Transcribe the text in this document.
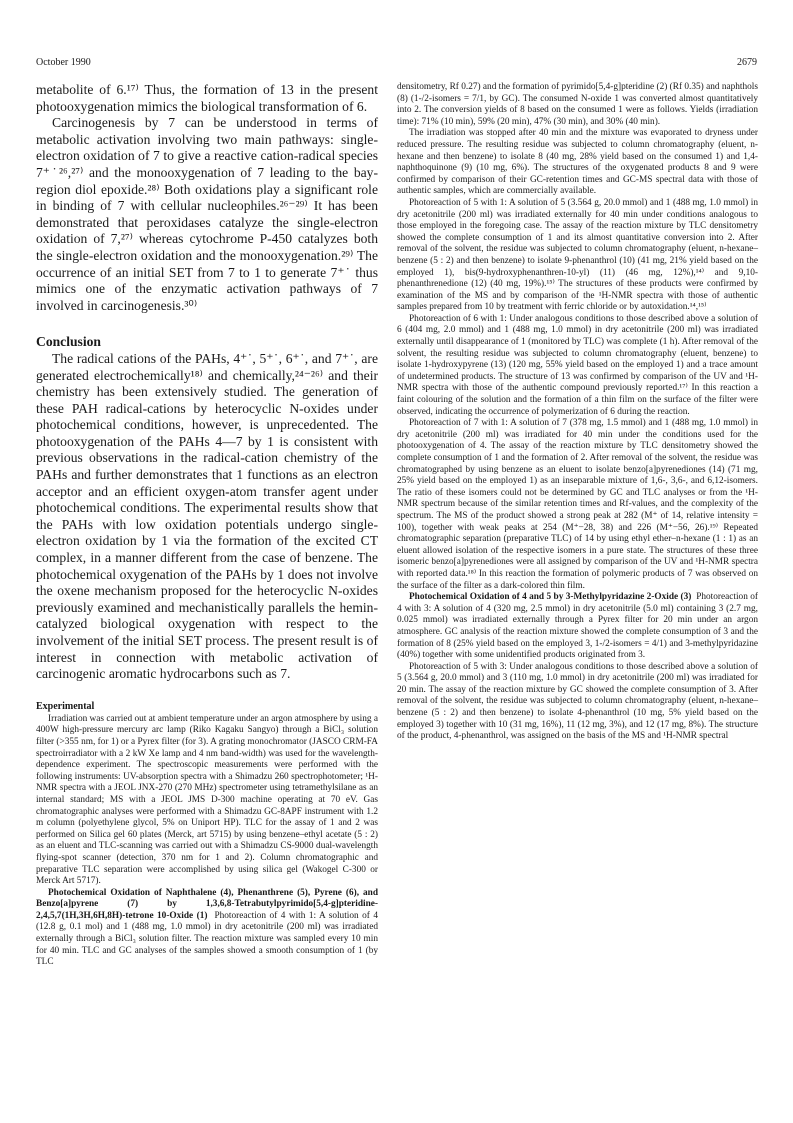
October 1990	2679

metabolite of 6.¹⁷⁾ Thus, the formation of 13 in the present photooxygenation mimics the biological transformation of 6.

Carcinogenesis by 7 can be understood in terms of metabolic activation involving two main pathways: single-electron oxidation of 7 to give a reactive cation-radical species 7⁺˙²⁶,²⁷⁾ and the monooxygenation of 7 leading to the bay-region diol epoxide.²⁸⁾ Both oxidations play a significant role in binding of 7 with cellular nucleophiles.²⁶⁻²⁹⁾ It has been demonstrated that peroxidases catalyze the single-electron oxidation of 7,²⁷⁾ whereas cytochrome P-450 catalyzes both the single-electron oxidation and the monooxygenation.²⁹⁾ The occurrence of an initial SET from 7 to 1 to generate 7⁺˙ thus mimics one of the enzymatic activation pathways of 7 involved in carcinogenesis.³⁰⁾

Conclusion

The radical cations of the PAHs, 4⁺˙, 5⁺˙, 6⁺˙, and 7⁺˙, are generated electrochemically¹⁸⁾ and chemically,²⁴⁻²⁶⁾ and their chemistry has been extensively studied. The generation of these PAH radical-cations by heterocyclic N-oxides under photochemical conditions, however, is unprecedented. The photooxygenation of the PAHs 4—7 by 1 is consistent with previous observations in the radical-cation chemistry of the PAHs and further demonstrates that 1 functions as an electron acceptor and an efficient oxygen-atom transfer agent under photochemical conditions. The experimental results show that the PAHs with low oxidation potentials undergo single-electron oxidation by 1 via the formation of the excited CT complex, in a manner different from the case of benzene. The photochemical oxygenation of the PAHs by 1 does not involve the oxene mechanism proposed for the heterocyclic N-oxides previously examined and mechanistically parallels the hemin-catalyzed biological oxygenation with respect to the involvement of the initial SET process. The present result is of interest in connection with metabolic activation of carcinogenic aromatic hydrocarbons such as 7.

Experimental

Irradiation was carried out at ambient temperature under an argon atmosphere by using a 400W high-pressure mercury arc lamp (Riko Kagaku Sangyo) through a BiCl₃ solution filter (>355 nm, for 1) or a Pyrex filter (for 3). A grating monochromator (JASCO CRM-FA spectroirradiator with a 2 kW Xe lamp and 4 nm band-width) was used for the wavelength-dependence experiment. The spectroscopic measurements were performed with the following instruments: UV-absorption spectra with a Shimadzu 260 spectrophotometer; ¹H-NMR spectra with a JEOL JNX-270 (270 MHz) spectrometer using tetramethylsilane as an internal standard; MS with a JEOL JMS D-300 machine operating at 70 eV. Gas chromatographic analyses were performed with a Shimadzu GC-8APF instrument with 1.2 m column (polyethylene glycol, 5% on Uniport HP). TLC for the assay of 1 and 2 was performed on Silica gel 60 plates (Merck, art 5715) by using benzene–ethyl acetate (5 : 2) as an eluent and TLC-scanning was carried out with a Shimadzu CS-9000 dual-wavelength flying-spot scanner (detection, 370 nm for 1 and 2). Column chromatographic and preparative TLC separation were accomplished by using silica gel (Wakogel C-300 or Merck Art 5717).

Photochemical Oxidation of Naphthalene (4), Phenanthrene (5), Pyrene (6), and Benzo[a]pyrene (7) by 1,3,6,8-Tetrabutylpyrimido[5,4-g]pteridine-2,4,5,7(1H,3H,6H,8H)-tetrone 10-Oxide (1) Photoreaction of 4 with 1: A solution of 4 (12.8 g, 0.1 mol) and 1 (488 mg, 1.0 mmol) in dry acetonitrile (200 ml) was irradiated externally through a BiCl₃ solution filter. The reaction mixture was sampled every 10 min for 40 min. TLC and GC analyses of the samples showed a smooth consumption of 1 (by TLC

densitometry, Rf 0.27) and the formation of pyrimido[5,4-g]pteridine (2) (Rf 0.35) and naphthols (8) (1-/2-isomers = 7/1, by GC). The consumed N-oxide 1 was converted almost quantitatively into 2. The conversion yields of 8 based on the consumed 1 were as follows. Yields (irradiation time): 71% (10 min), 59% (20 min), 47% (30 min), and 30% (40 min).

The irradiation was stopped after 40 min and the mixture was evaporated to dryness under reduced pressure. The resulting residue was subjected to column chromatography (eluent, n-hexane and then benzene) to isolate 8 (40 mg, 28% yield based on the consumed 1) and 1,4-naphthoquinone (9) (10 mg, 6%). The structures of the oxygenated products 8 and 9 were confirmed by comparison of their GC-retention times and GC-MS spectral data with those of authentic samples, which are commercially available.

Photoreaction of 5 with 1: A solution of 5 (3.564 g, 20.0 mmol) and 1 (488 mg, 1.0 mmol) in dry acetonitrile (200 ml) was irradiated externally for 40 min under conditions analogous to those employed in the foregoing case. The assay of the reaction mixture by TLC densitometry showed the complete consumption of 1 and its almost quantitative conversion into 2. After removal of the solvent, the residue was subjected to column chromatography (eluent, n-hexane–benzene (5 : 2) and then benzene) to isolate 9-phenanthrol (10) (41 mg, 21% yield based on the employed 1), bis(9-hydroxyphenanthren-10-yl) (11) (46 mg, 12%),¹⁴⁾ and 9,10-phenanthrenedione (12) (40 mg, 19%).¹⁵⁾ The structures of these products were confirmed by examination of the MS and by comparison of the ¹H-NMR spectra with those of authentic samples prepared from 10 by treatment with ferric chloride or by autoxidation.¹⁴,¹⁵⁾

Photoreaction of 6 with 1: Under analogous conditions to those described above a solution of 6 (404 mg, 2.0 mmol) and 1 (488 mg, 1.0 mmol) in dry acetonitrile (200 ml) was irradiated externally until disappearance of 1 (monitored by TLC) was complete (1 h). After removal of the solvent, the resulting residue was subjected to column chromatography (eluent, benzene) to isolate 1-hydroxypyrene (13) (120 mg, 55% yield based on the employed 1) and a trace amount of undetermined products. The structure of 13 was confirmed by comparison of the UV and ¹H-NMR spectra with those of the authentic compound previously reported.¹⁷⁾ In this reaction a faint colouring of the solution and the formation of a thin film on the surface of the filter were observed, indicating the occurrence of polymerization of 6 during the reaction.

Photoreaction of 7 with 1: A solution of 7 (378 mg, 1.5 mmol) and 1 (488 mg, 1.0 mmol) in dry acetonitrile (200 ml) was irradiated for 40 min under the conditions used for the photooxygenation of 4. The assay of the reaction mixture by TLC densitometry showed the complete consumption of 1 and the formation of 2. After removal of the solvent, the residue was chromatographed by using benzene as an eluent to isolate benzo[a]pyrenediones (14) (71 mg, 25% yield based on the employed 1) as an inseparable mixture of 1,6-, 3,6-, and 6,12-isomers. The ratio of these isomers could not be determined by GC and TLC analyses or from the ¹H-NMR spectrum because of the similar retention times and Rf-values, and the complexity of the spectrum. The MS of the product showed a strong peak at 282 (M⁺ of 14, relative intensity = 100), together with weak peaks at 254 (M⁺−28, 38) and 226 (M⁺−56, 26).¹⁹⁾ Repeated chromatographic separation (preparative TLC) of 14 by using ethyl ether–n-hexane (1 : 1) as an eluent allowed isolation of the respective isomers in a pure state. The structures of these three isomeric benzo[a]pyrenediones were all assigned by comparison of the UV and ¹H-NMR spectra with reported data.¹⁸⁾ In this reaction the formation of polymeric products of 7 was observed on the surface of the filter as a dark-colored thin film.

Photochemical Oxidation of 4 and 5 by 3-Methylpyridazine 2-Oxide (3) Photoreaction of 4 with 3: A solution of 4 (320 mg, 2.5 mmol) in dry acetonitrile (5.0 ml) containing 3 (2.7 mg, 0.025 mmol) was irradiated externally through a Pyrex filter for 20 min under an argon atmosphere. GC analysis of the reaction mixture showed the complete consumption of 3 and the formation of 8 (25% yield based on the employed 3, 1-/2-isomers = 4/1) and 3-methylpyridazine (40%) together with some unidentified products originated from 3.

Photoreaction of 5 with 3: Under analogous conditions to those described above a solution of 5 (3.564 g, 20.0 mmol) and 3 (110 mg, 1.0 mmol) in dry acetonitrile (200 ml) was irradiated for 20 min. The assay of the reaction mixture by GC showed the complete consumption of 3. After removal of the solvent, the residue was subjected to column chromatography (eluent, n-hexane–benzene (5 : 2) and then benzene) to isolate 4-phenanthrol (10 mg, 5% yield based on the employed 3) together with 10 (31 mg, 16%), 11 (12 mg, 3%), and 12 (17 mg, 8%). The structure of the product, 4-phenanthrol, was assigned on the basis of the MS and ¹H-NMR spectral
